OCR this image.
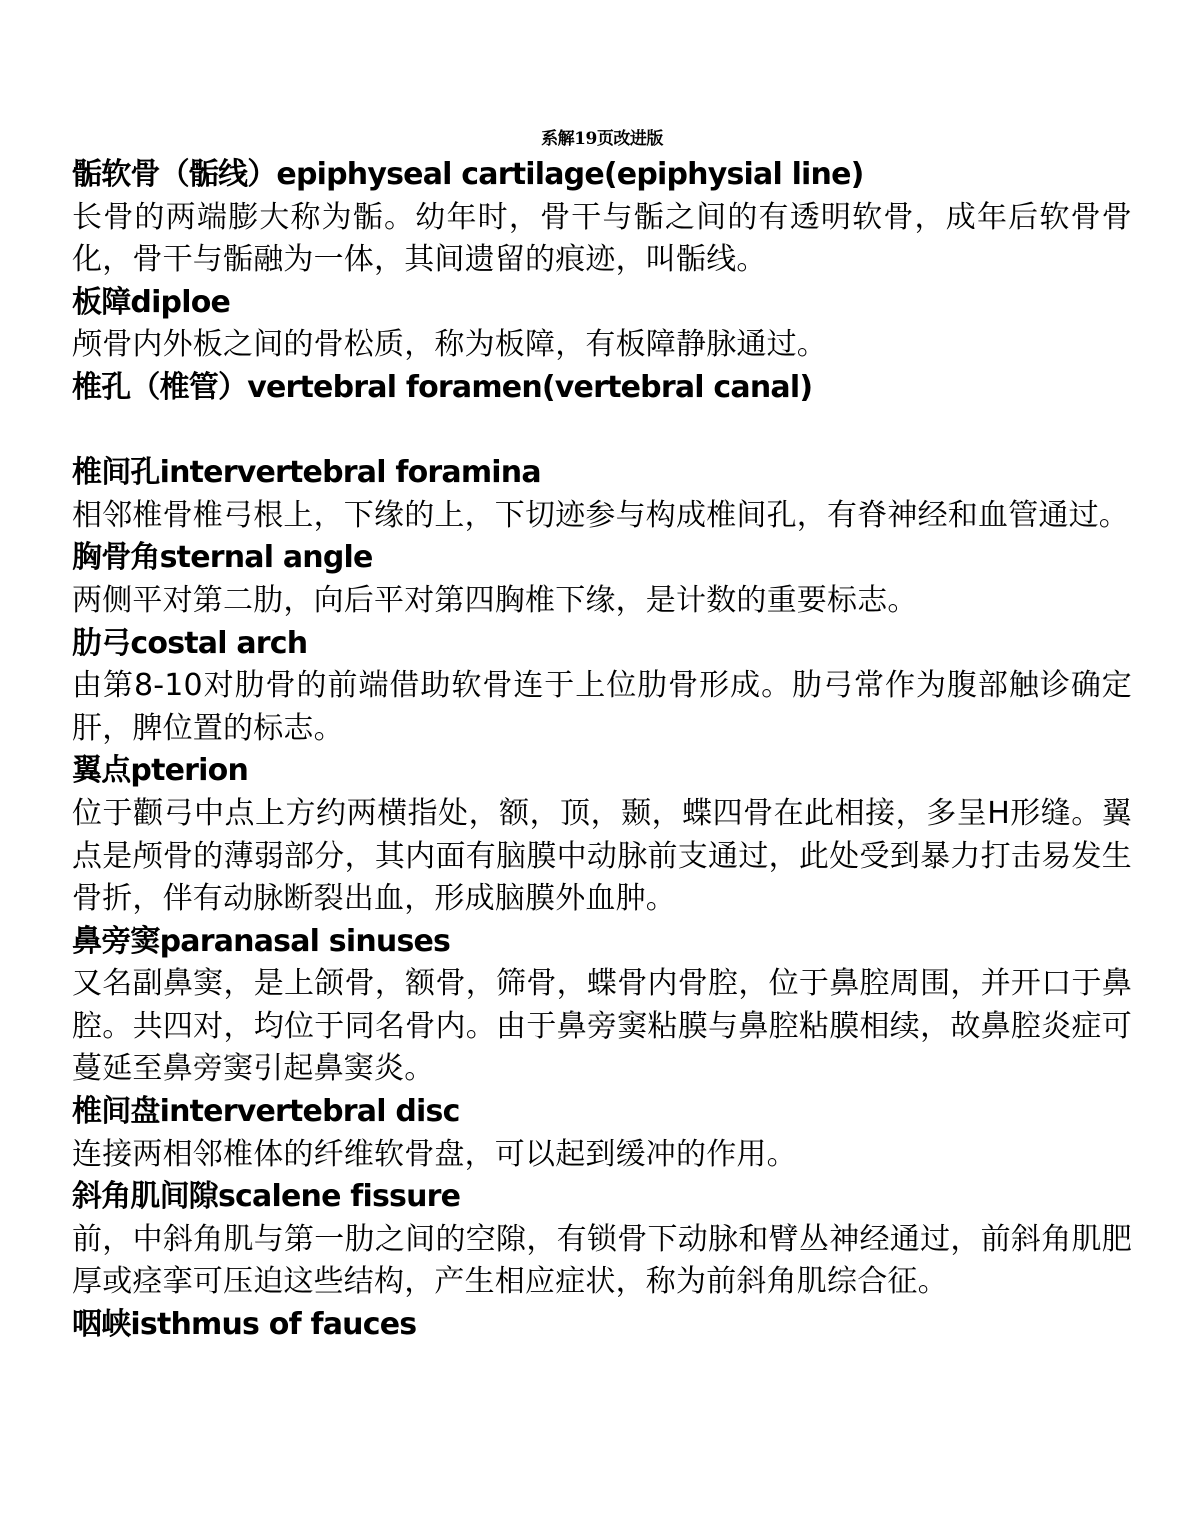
系解19页改进版
骺软骨（骺线）epiphyseal cartilage(epiphysial line)
长骨的两端膨大称为骺。幼年时，骨干与骺之间的有透明软骨，成年后软骨骨化，骨干与骺融为一体，其间遗留的痕迹，叫骺线。
板障diploe
颅骨内外板之间的骨松质，称为板障，有板障静脉通过。
椎孔（椎管）vertebral foramen(vertebral canal)
椎间孔intervertebral foramina
相邻椎骨椎弓根上，下缘的上，下切迹参与构成椎间孔，有脊神经和血管通过。
胸骨角sternal angle
两侧平对第二肋，向后平对第四胸椎下缘，是计数的重要标志。
肋弓costal arch
由第8-10对肋骨的前端借助软骨连于上位肋骨形成。肋弓常作为腹部触诊确定肝，脾位置的标志。
翼点pterion
位于颧弓中点上方约两横指处，额，顶，颞，蝶四骨在此相接，多呈H形缝。翼点是颅骨的薄弱部分，其内面有脑膜中动脉前支通过，此处受到暴力打击易发生骨折，伴有动脉断裂出血，形成脑膜外血肿。
鼻旁窦paranasal sinuses
又名副鼻窦，是上颌骨，额骨，筛骨，蝶骨内骨腔，位于鼻腔周围，并开口于鼻腔。共四对，均位于同名骨内。由于鼻旁窦粘膜与鼻腔粘膜相续，故鼻腔炎症可蔓延至鼻旁窦引起鼻窦炎。
椎间盘intervertebral disc
连接两相邻椎体的纤维软骨盘，可以起到缓冲的作用。
斜角肌间隙scalene fissure
前，中斜角肌与第一肋之间的空隙，有锁骨下动脉和臂丛神经通过，前斜角肌肥厚或痉挛可压迫这些结构，产生相应症状，称为前斜角肌综合征。
咽峡isthmus of fauces
